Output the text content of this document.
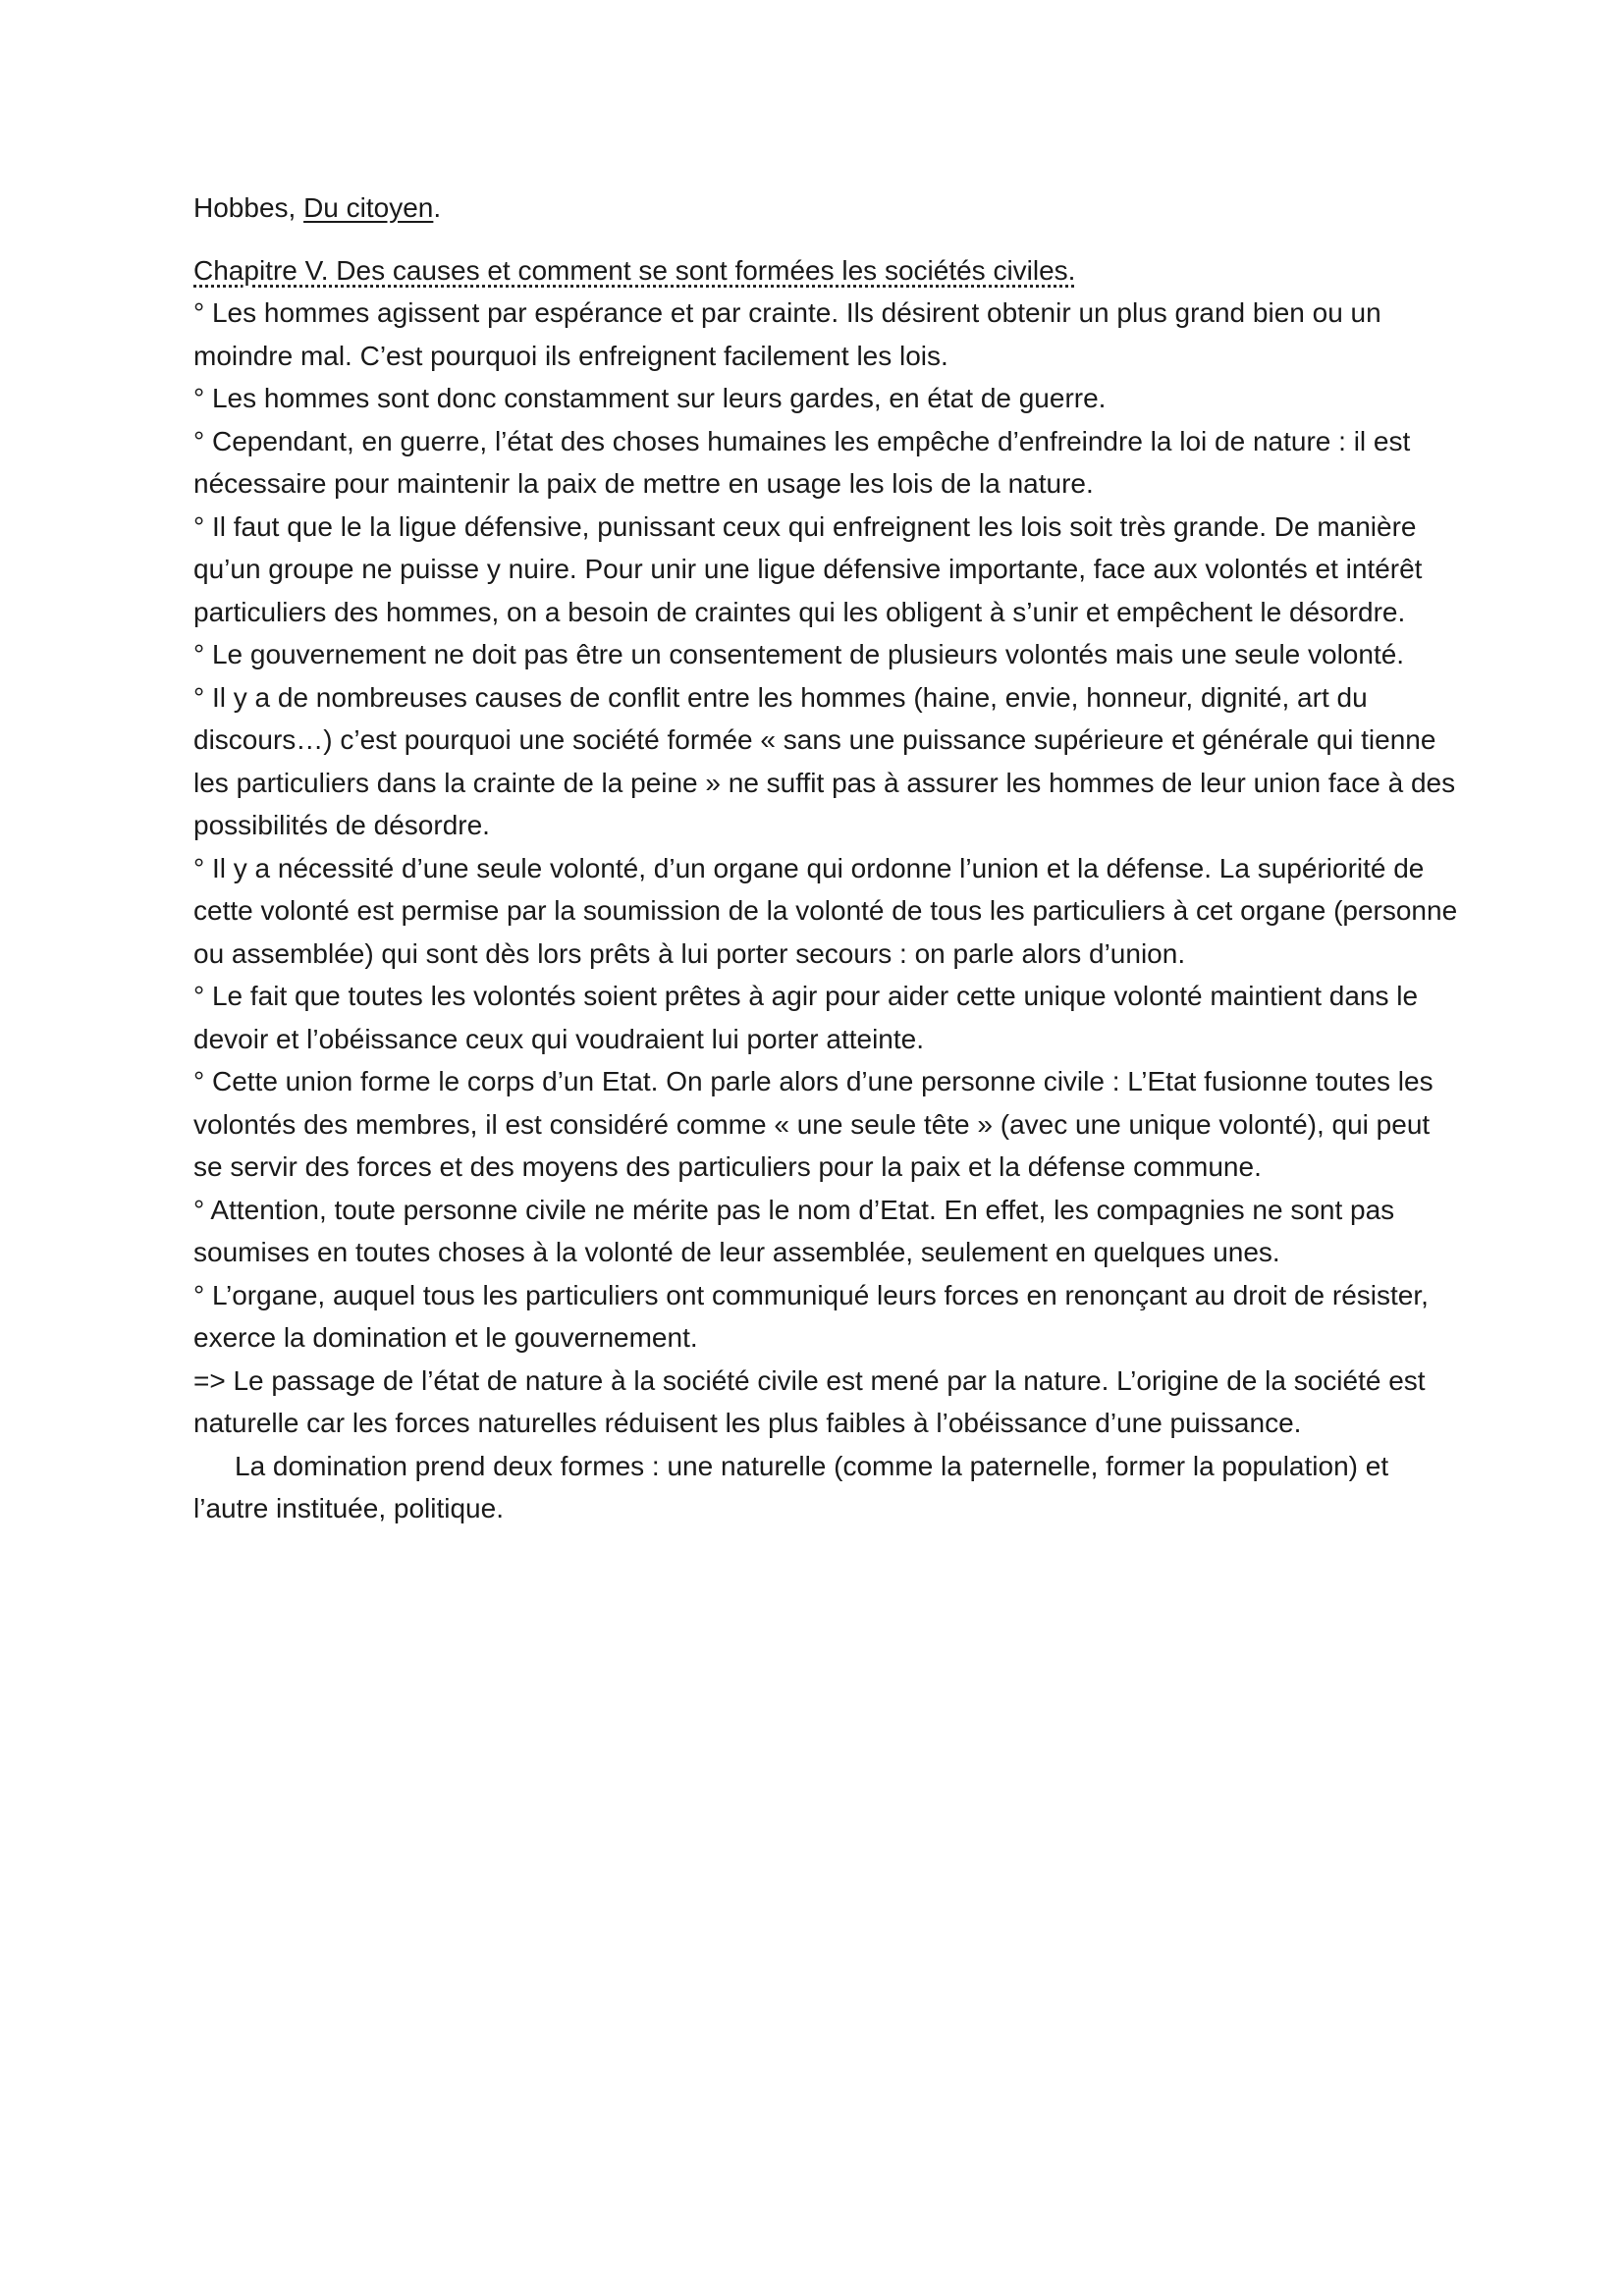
Hobbes, Du citoyen.

Chapitre V. Des causes et comment se sont formées les sociétés civiles.

° Les hommes agissent par espérance et par crainte. Ils désirent obtenir un plus grand bien ou un moindre mal. C’est pourquoi ils enfreignent facilement les lois.

° Les hommes sont donc constamment sur leurs gardes, en état de guerre.

° Cependant, en guerre, l’état des choses humaines les empêche d’enfreindre la loi de nature : il est nécessaire pour maintenir la paix de mettre en usage les lois de la nature.

° Il faut que le la ligue défensive, punissant ceux qui enfreignent les lois soit très grande. De manière qu’un groupe ne puisse y nuire. Pour unir une ligue défensive importante, face aux volontés et intérêt particuliers des hommes, on a besoin de craintes qui les obligent à s’unir et empêchent le désordre.

° Le gouvernement ne doit pas être un consentement de plusieurs volontés mais une seule volonté.

° Il y a de nombreuses causes de conflit entre les hommes (haine, envie, honneur, dignité, art du discours…) c’est pourquoi une société formée « sans une puissance supérieure et générale qui tienne les particuliers dans la crainte de la peine » ne suffit pas à assurer les hommes de leur union face à des possibilités de désordre.

° Il y a nécessité d’une seule volonté, d’un organe qui ordonne l’union et la défense. La supériorité de cette volonté est permise par la soumission de la volonté de tous les particuliers à cet organe (personne ou assemblée) qui sont dès lors prêts à lui porter secours : on parle alors d’union.

° Le fait que toutes les volontés soient prêtes à agir pour aider cette unique volonté maintient dans le devoir et l’obéissance ceux qui voudraient lui porter atteinte.

° Cette union forme le corps d’un Etat. On parle alors d’une personne civile : L’Etat fusionne toutes les volontés des membres, il est considéré comme « une seule tête » (avec une unique volonté), qui peut se servir des forces et des moyens des particuliers pour la paix et la défense commune.

° Attention, toute personne civile ne mérite pas le nom d’Etat. En effet, les compagnies ne sont pas soumises en toutes choses à la volonté de leur assemblée, seulement en quelques unes.

° L’organe, auquel tous les particuliers ont communiqué leurs forces en renonçant au droit de résister, exerce la domination et le gouvernement.

=> Le passage de l’état de nature à la société civile est mené par la nature. L’origine de la société est naturelle car les forces naturelles réduisent les plus faibles à l’obéissance d’une puissance.

La domination prend deux formes : une naturelle (comme la paternelle, former la population) et l’autre instituée, politique.
